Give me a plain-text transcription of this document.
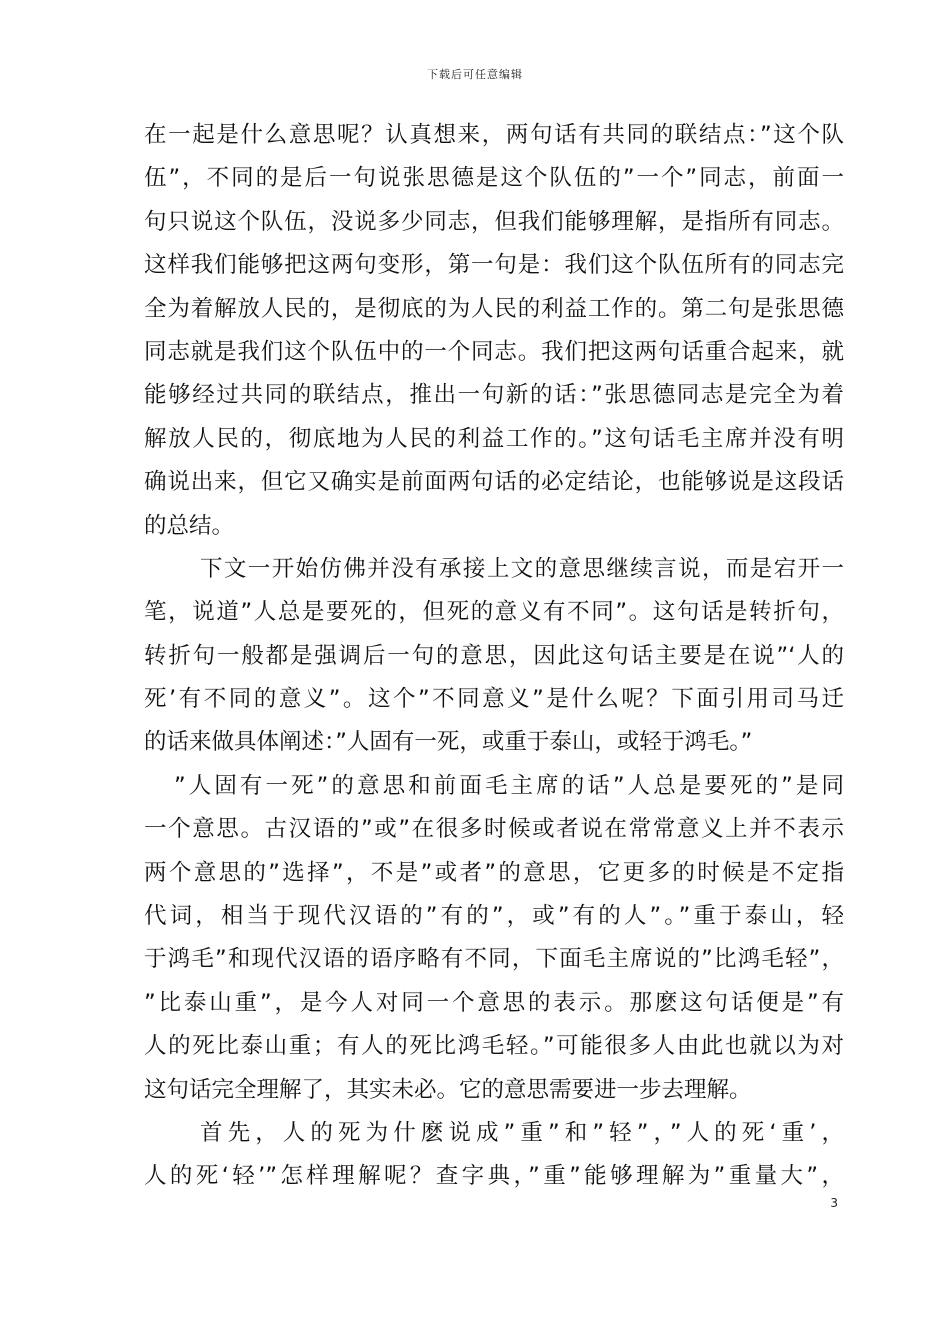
下载后可任意编辑
在一起是什么意思呢？认真想来，两句话有共同的联结点：”这个队
伍”，不同的是后一句说张思德是这个队伍的”一个”同志，前面一
句只说这个队伍，没说多少同志，但我们能够理解，是指所有同志。
这样我们能够把这两句变形，第一句是：我们这个队伍所有的同志完
全为着解放人民的，是彻底的为人民的利益工作的。第二句是张思德
同志就是我们这个队伍中的一个同志。我们把这两句话重合起来，就
能够经过共同的联结点，推出一句新的话：”张思德同志是完全为着
解放人民的，彻底地为人民的利益工作的。”这句话毛主席并没有明
确说出来，但它又确实是前面两句话的必定结论，也能够说是这段话
的总结。
下文一开始仿佛并没有承接上文的意思继续言说，而是宕开一
笔，说道”人总是要死的，但死的意义有不同”。这句话是转折句，
转折句一般都是强调后一句的意思，因此这句话主要是在说”‘人的
死’有不同的意义”。这个”不同意义”是什么呢？下面引用司马迁
的话来做具体阐述：”人固有一死，或重于泰山，或轻于鸿毛。”
”人固有一死”的意思和前面毛主席的话”人总是要死的”是同
一个意思。古汉语的”或”在很多时候或者说在常常意义上并不表示
两个意思的”选择”，不是”或者”的意思，它更多的时候是不定指
代词，相当于现代汉语的”有的”，或”有的人”。”重于泰山，轻
于鸿毛”和现代汉语的语序略有不同，下面毛主席说的”比鸿毛轻”，
”比泰山重”，是今人对同一个意思的表示。那麽这句话便是”有
人的死比泰山重；有人的死比鸿毛轻。”可能很多人由此也就以为对
这句话完全理解了，其实未必。它的意思需要进一步去理解。
首先，人的死为什麽说成”重”和”轻”，”人的死‘重’，
人的死‘轻’”怎样理解呢？查字典，”重”能够理解为”重量大”，
3
